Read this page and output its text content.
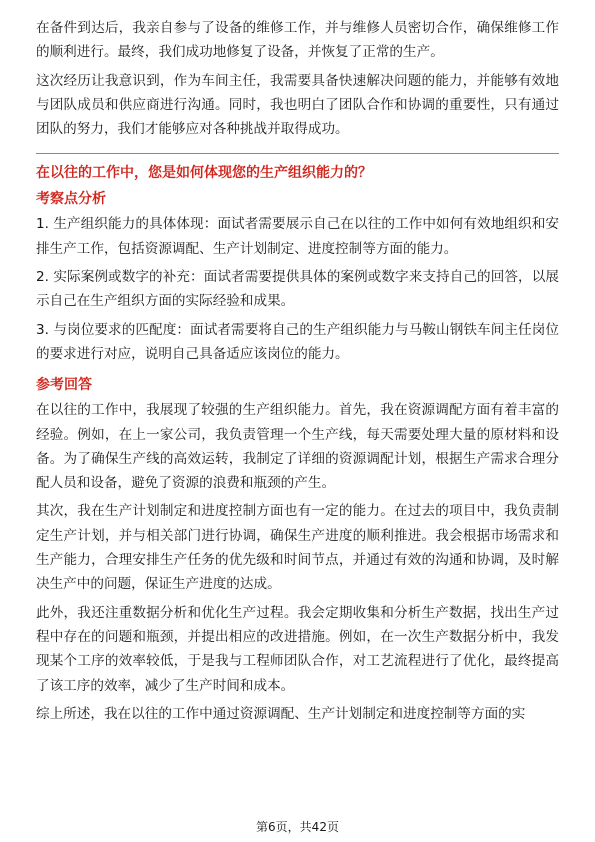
在备件到达后，我亲自参与了设备的维修工作，并与维修人员密切合作，确保维修工作的顺利进行。最终，我们成功地修复了设备，并恢复了正常的生产。

这次经历让我意识到，作为车间主任，我需要具备快速解决问题的能力，并能够有效地与团队成员和供应商进行沟通。同时，我也明白了团队合作和协调的重要性，只有通过团队的努力，我们才能够应对各种挑战并取得成功。

在以往的工作中，您是如何体现您的生产组织能力的？
考察点分析

1. 生产组织能力的具体体现：面试者需要展示自己在以往的工作中如何有效地组织和安排生产工作，包括资源调配、生产计划制定、进度控制等方面的能力。

2. 实际案例或数字的补充：面试者需要提供具体的案例或数字来支持自己的回答，以展示自己在生产组织方面的实际经验和成果。

3. 与岗位要求的匹配度：面试者需要将自己的生产组织能力与马鞍山钢铁车间主任岗位的要求进行对应，说明自己具备适应该岗位的能力。

参考回答

在以往的工作中，我展现了较强的生产组织能力。首先，我在资源调配方面有着丰富的经验。例如，在上一家公司，我负责管理一个生产线，每天需要处理大量的原材料和设备。为了确保生产线的高效运转，我制定了详细的资源调配计划，根据生产需求合理分配人员和设备，避免了资源的浪费和瓶颈的产生。

其次，我在生产计划制定和进度控制方面也有一定的能力。在过去的项目中，我负责制定生产计划，并与相关部门进行协调，确保生产进度的顺利推进。我会根据市场需求和生产能力，合理安排生产任务的优先级和时间节点，并通过有效的沟通和协调，及时解决生产中的问题，保证生产进度的达成。

此外，我还注重数据分析和优化生产过程。我会定期收集和分析生产数据，找出生产过程中存在的问题和瓶颈，并提出相应的改进措施。例如，在一次生产数据分析中，我发现某个工序的效率较低，于是我与工程师团队合作，对工艺流程进行了优化，最终提高了该工序的效率，减少了生产时间和成本。

综上所述，我在以往的工作中通过资源调配、生产计划制定和进度控制等方面的实

第6页，共42页
